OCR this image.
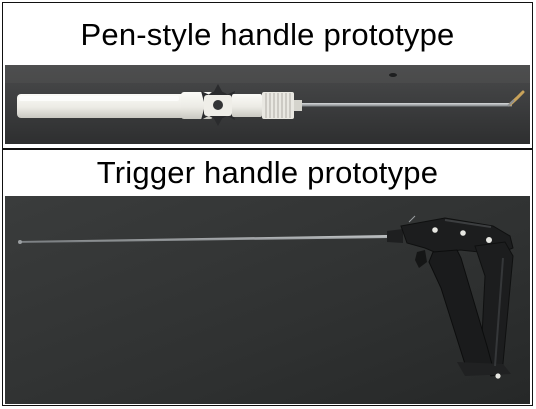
Pen-style handle prototype
Trigger handle prototype
